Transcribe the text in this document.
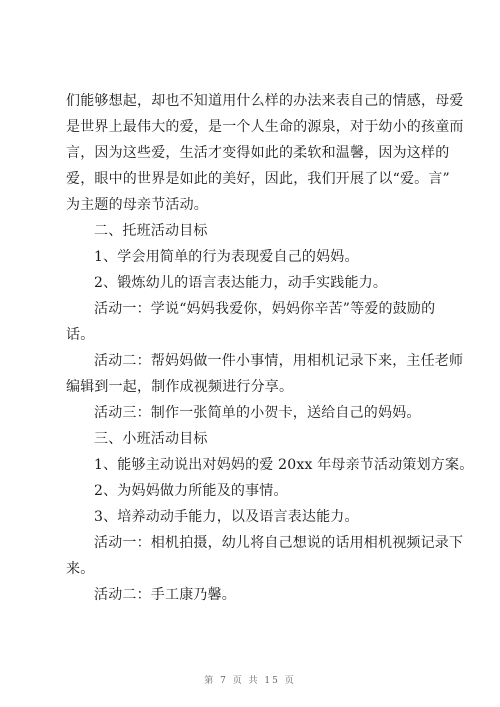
们能够想起，却也不知道用什么样的办法来表自己的情感，母爱
是世界上最伟大的爱，是一个人生命的源泉，对于幼小的孩童而
言，因为这些爱，生活才变得如此的柔软和温馨，因为这样的
爱，眼中的世界是如此的美好，因此，我们开展了以“爱。言”
为主题的母亲节活动。
二、托班活动目标
1、学会用简单的行为表现爱自己的妈妈。
2、锻炼幼儿的语言表达能力，动手实践能力。
活动一：学说“妈妈我爱你，妈妈你辛苦”等爱的鼓励的
话。
活动二：帮妈妈做一件小事情，用相机记录下来，主任老师
编辑到一起，制作成视频进行分享。
活动三：制作一张简单的小贺卡，送给自己的妈妈。
三、小班活动目标
1、能够主动说出对妈妈的爱 20xx 年母亲节活动策划方案。
2、为妈妈做力所能及的事情。
3、培养动动手能力，以及语言表达能力。
活动一：相机拍摄，幼儿将自己想说的话用相机视频记录下
来。
活动二：手工康乃馨。
第 7 页 共 15 页
